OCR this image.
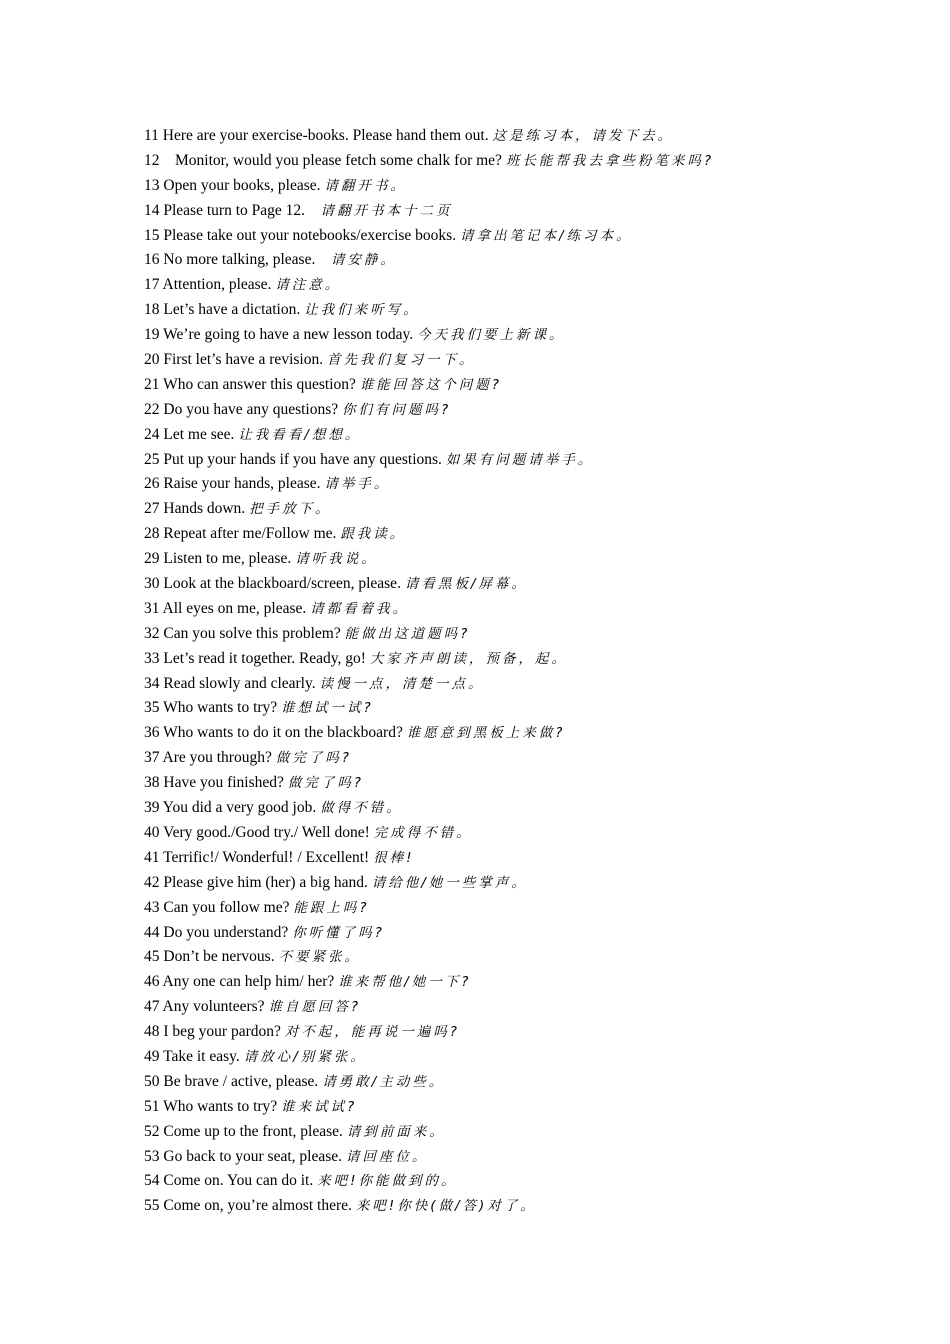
11 Here are your exercise-books. Please hand them out. 这是练习本，请发下去。
12    Monitor, would you please fetch some chalk for me? 班长能帮我去拿些粉笔来吗?
13 Open your books, please. 请翻开书。
14 Please turn to Page 12.    请翻开书本十二页
15 Please take out your notebooks/exercise books. 请拿出笔记本/练习本。
16 No more talking, please.    请安静。
17 Attention, please. 请注意。
18 Let’s have a dictation. 让我们来听写。
19 We’re going to have a new lesson today. 今天我们要上新课。
20 First let’s have a revision. 首先我们复习一下。
21 Who can answer this question? 谁能回答这个问题?
22 Do you have any questions? 你们有问题吗?
24 Let me see. 让我看看/想想。
25 Put up your hands if you have any questions. 如果有问题请举手。
26 Raise your hands, please. 请举手。
27 Hands down. 把手放下。
28 Repeat after me/Follow me. 跟我读。
29 Listen to me, please. 请听我说。
30 Look at the blackboard/screen, please. 请看黑板/屏幕。
31 All eyes on me, please. 请都看着我。
32 Can you solve this problem? 能做出这道题吗?
33 Let’s read it together. Ready, go! 大家齐声朗读，预备，起。
34 Read slowly and clearly. 读慢一点，清楚一点。
35 Who wants to try? 谁想试一试?
36 Who wants to do it on the blackboard? 谁愿意到黑板上来做?
37 Are you through? 做完了吗?
38 Have you finished? 做完了吗?
39 You did a very good job. 做得不错。
40 Very good./Good try./ Well done! 完成得不错。
41 Terrific!/ Wonderful! / Excellent! 很棒!
42 Please give him (her) a big hand. 请给他/她一些掌声。
43 Can you follow me? 能跟上吗?
44 Do you understand? 你听懂了吗?
45 Don’t be nervous. 不要紧张。
46 Any one can help him/ her? 谁来帮他/她一下?
47 Any volunteers? 谁自愿回答?
48 I beg your pardon? 对不起，能再说一遍吗?
49 Take it easy. 请放心/别紧张。
50 Be brave / active, please. 请勇敢/主动些。
51 Who wants to try? 谁来试试?
52 Come up to the front, please. 请到前面来。
53 Go back to your seat, please. 请回座位。
54 Come on. You can do it. 来吧!你能做到的。
55 Come on, you’re almost there. 来吧!你快(做/答)对了。
